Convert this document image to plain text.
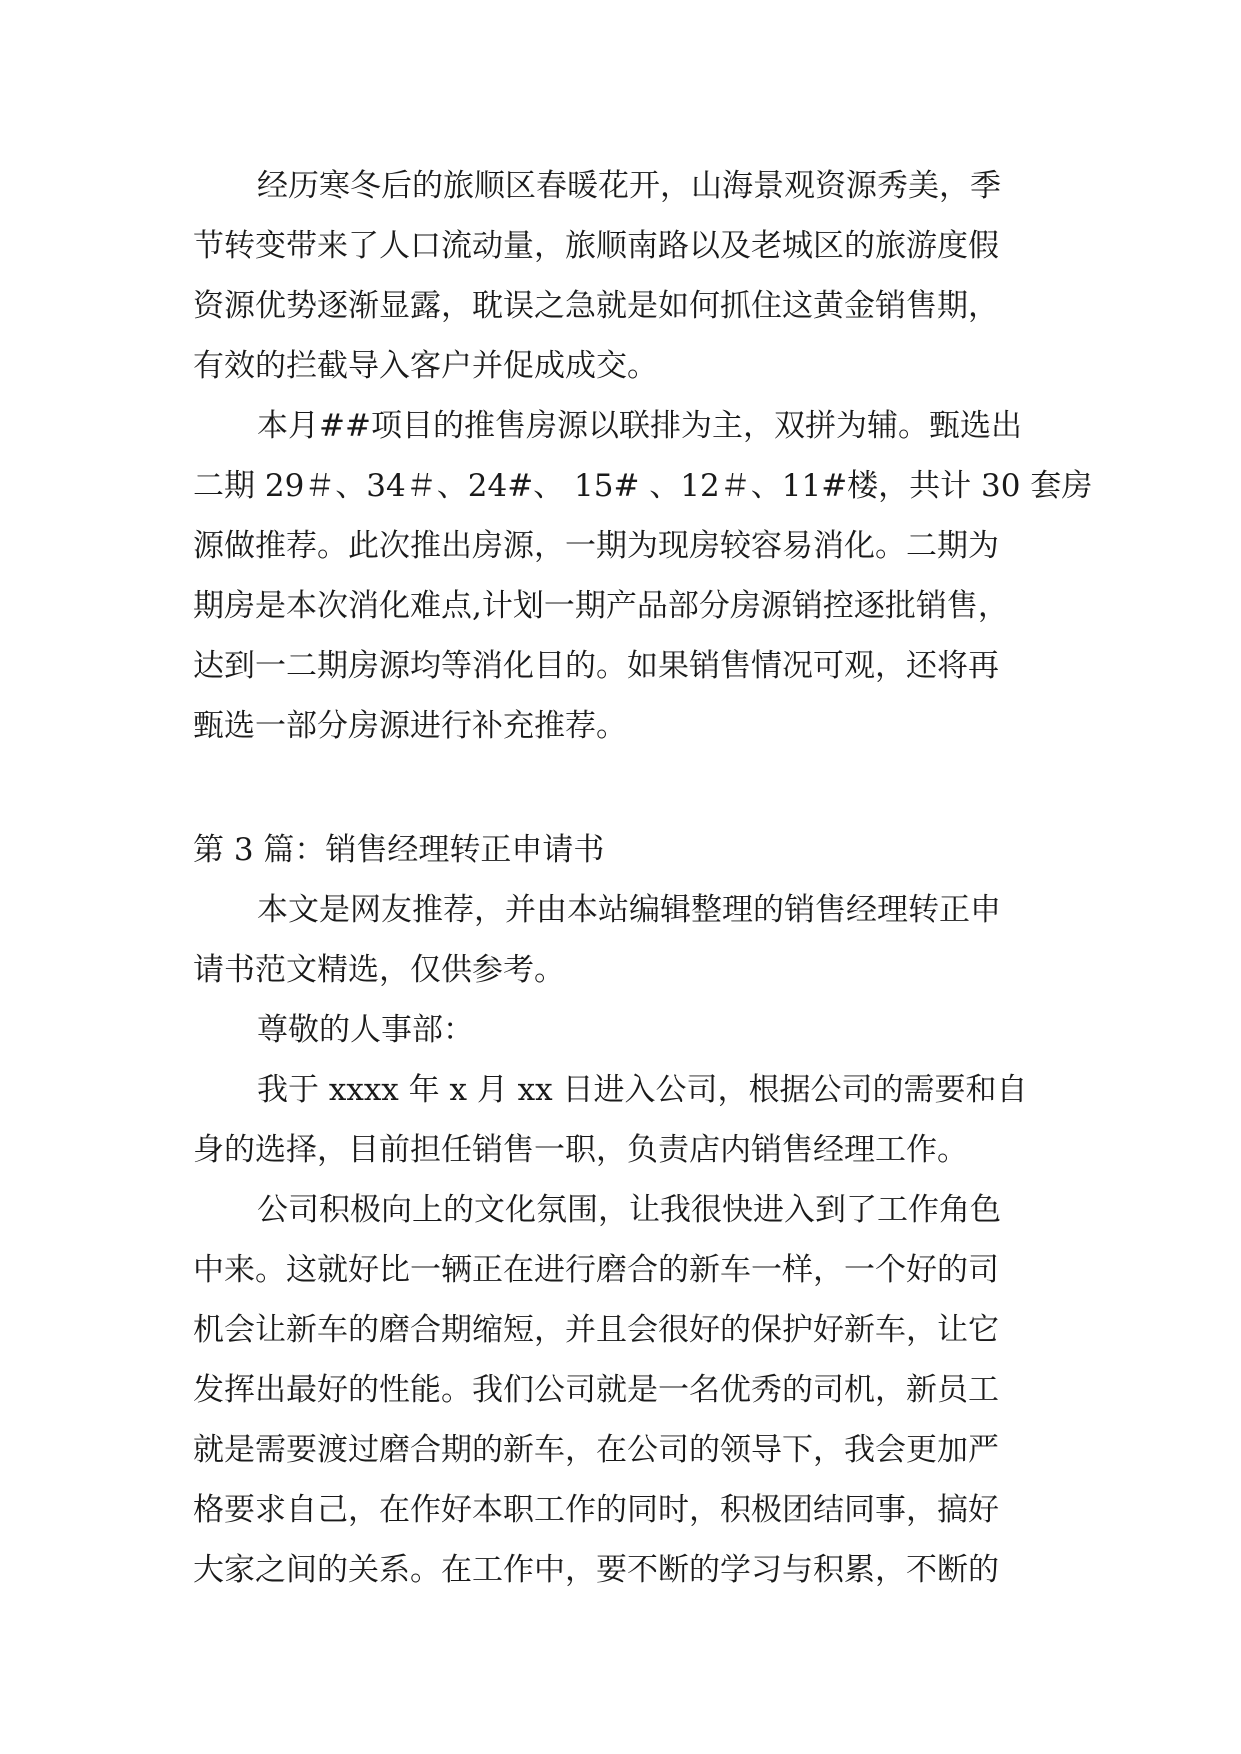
经历寒冬后的旅顺区春暖花开，山海景观资源秀美，季
节转变带来了人口流动量，旅顺南路以及老城区的旅游度假
资源优势逐渐显露，耽误之急就是如何抓住这黄金销售期，
有效的拦截导入客户并促成成交。
本月##项目的推售房源以联排为主，双拼为辅。甄选出
二期 29＃、34＃、24#、 15# 、12＃、11#楼，共计 30 套房
源做推荐。此次推出房源，一期为现房较容易消化。二期为
期房是本次消化难点,计划一期产品部分房源销控逐批销售，
达到一二期房源均等消化目的。如果销售情况可观，还将再
甄选一部分房源进行补充推荐。
第 3 篇：销售经理转正申请书
本文是网友推荐，并由本站编辑整理的销售经理转正申
请书范文精选，仅供参考。
尊敬的人事部：
我于 xxxx 年 x 月 xx 日进入公司，根据公司的需要和自
身的选择，目前担任销售一职，负责店内销售经理工作。
公司积极向上的文化氛围，让我很快进入到了工作角色
中来。这就好比一辆正在进行磨合的新车一样，一个好的司
机会让新车的磨合期缩短，并且会很好的保护好新车，让它
发挥出最好的性能。我们公司就是一名优秀的司机，新员工
就是需要渡过磨合期的新车，在公司的领导下，我会更加严
格要求自己，在作好本职工作的同时，积极团结同事，搞好
大家之间的关系。在工作中，要不断的学习与积累，不断的
